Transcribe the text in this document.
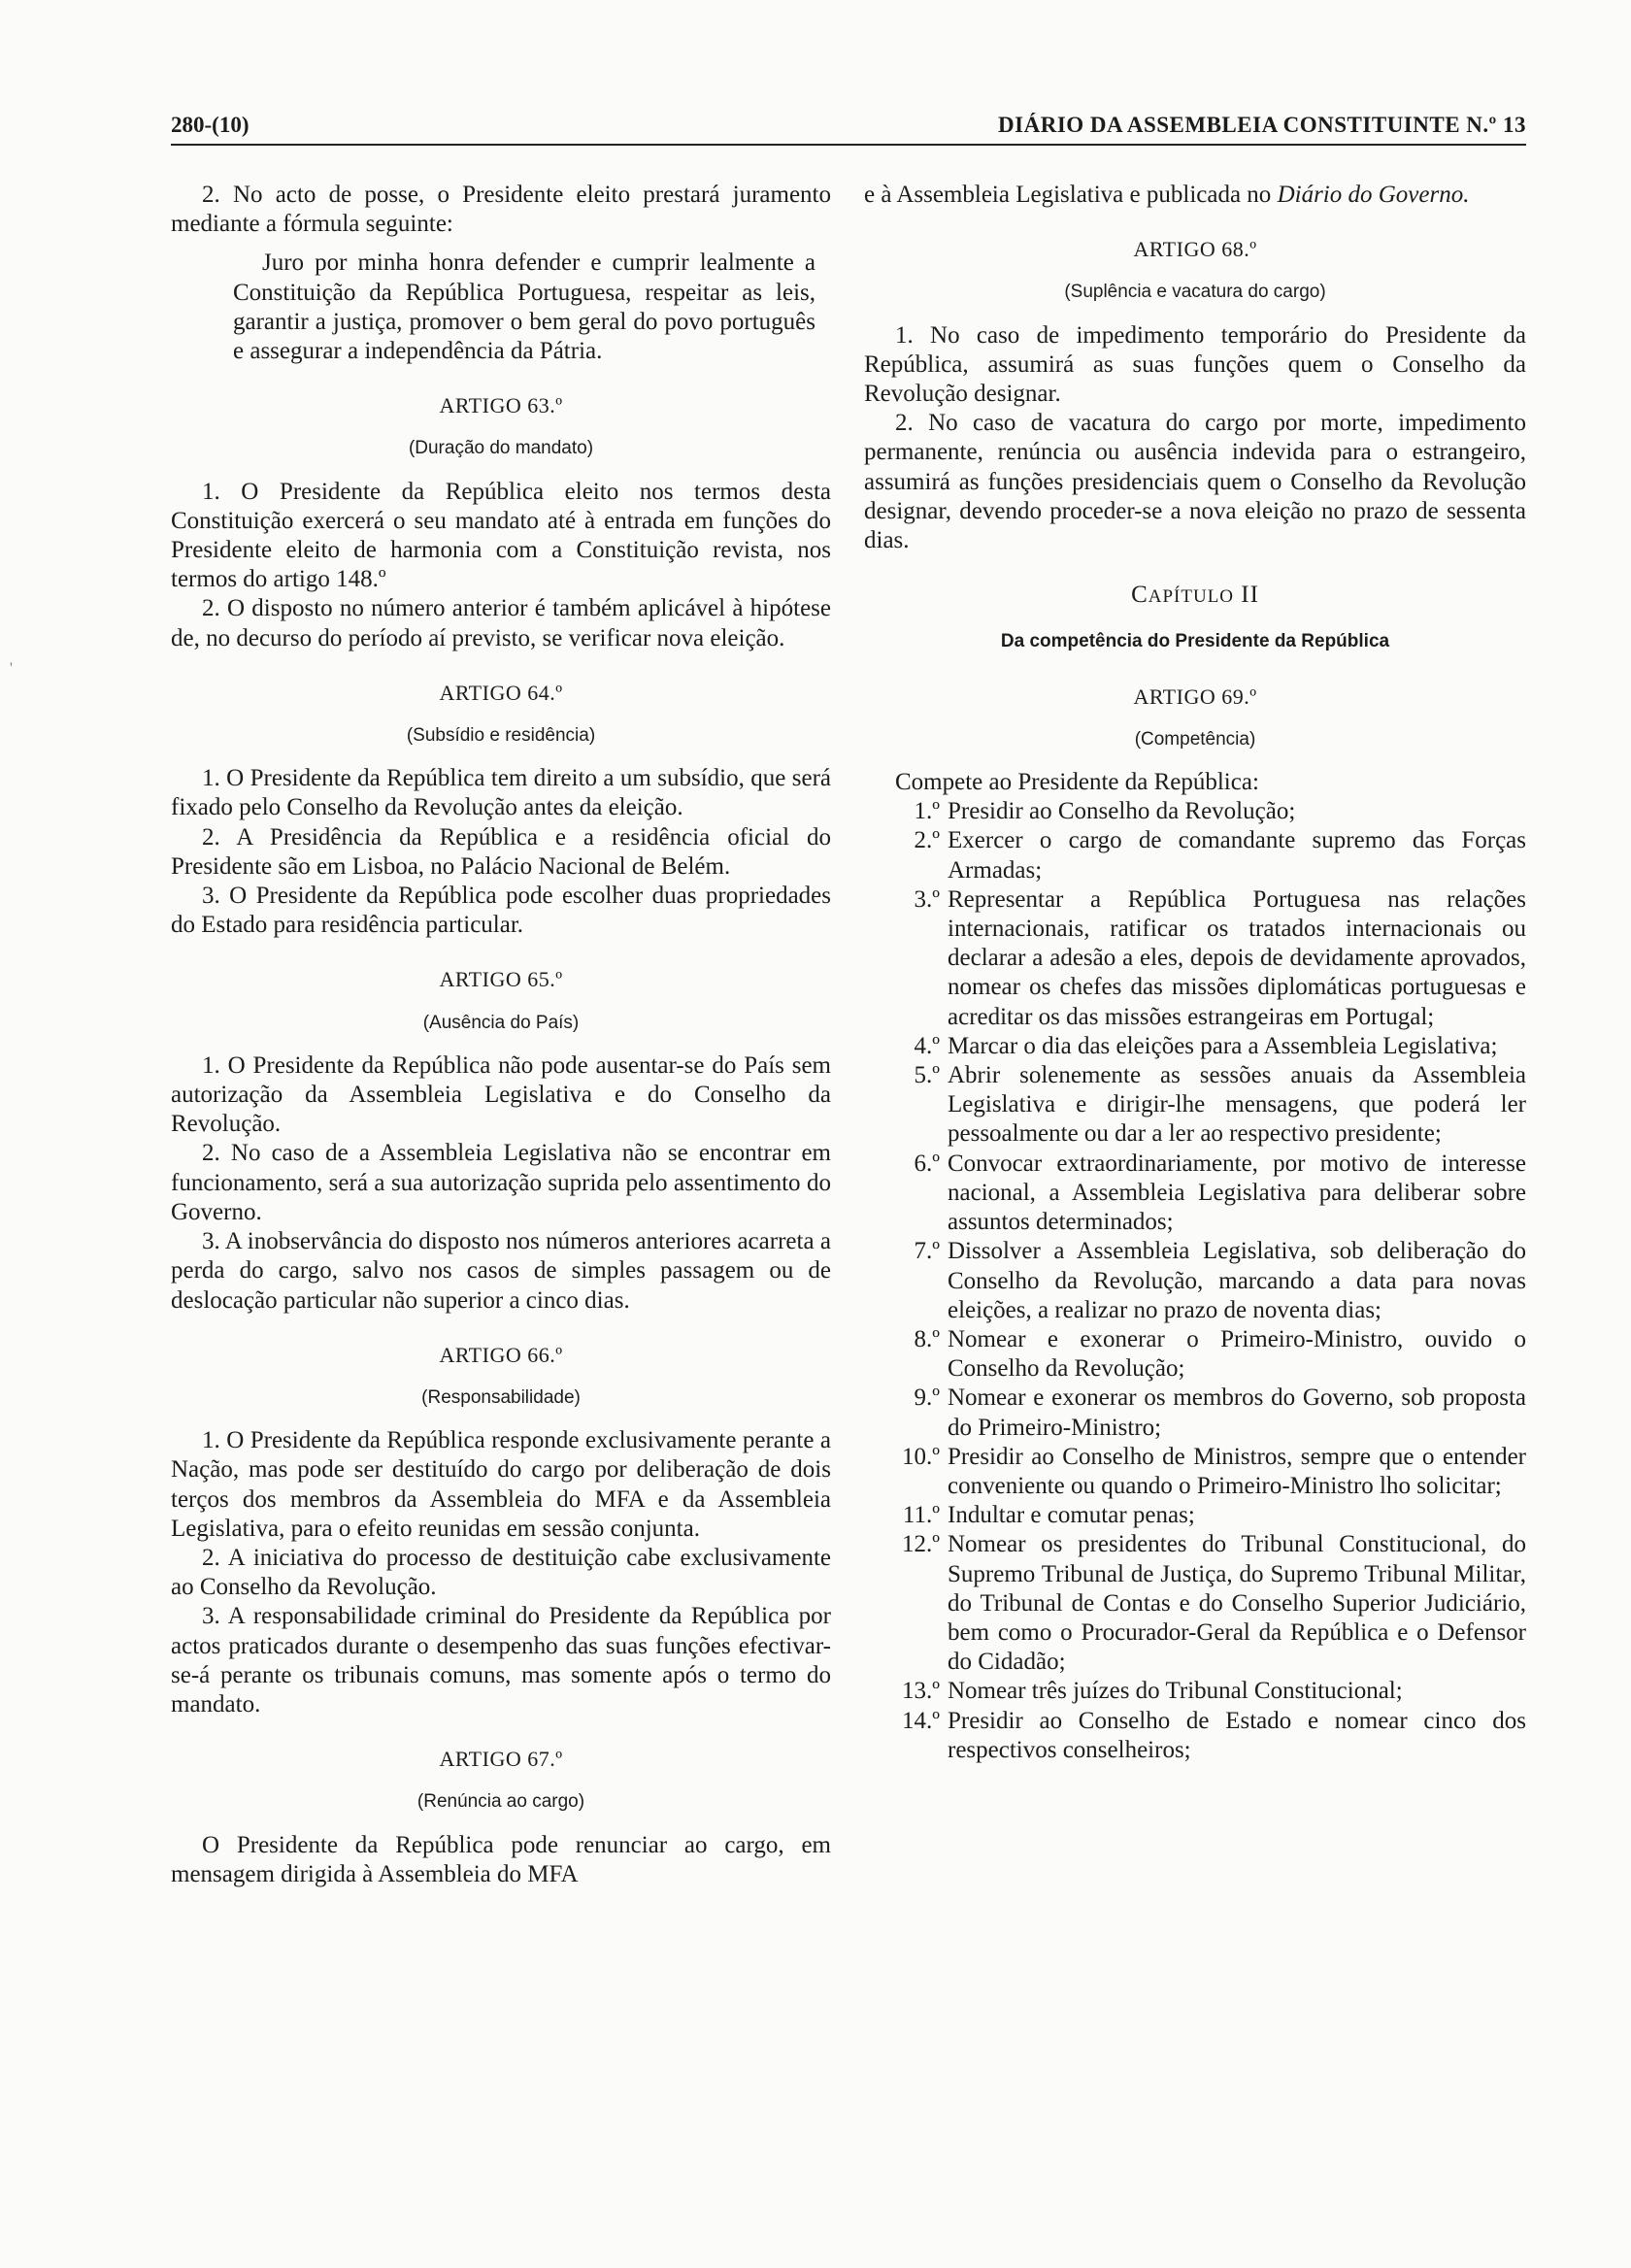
280-(10)	DIÁRIO DA ASSEMBLEIA CONSTITUINTE N.º 13

2. No acto de posse, o Presidente eleito prestará juramento mediante a fórmula seguinte:

Juro por minha honra defender e cumprir lealmente a Constituição da República Portuguesa, respeitar as leis, garantir a justiça, promover o bem geral do povo português e assegurar a independência da Pátria.

ARTIGO 63.º
(Duração do mandato)

1. O Presidente da República eleito nos termos desta Constituição exercerá o seu mandato até à entrada em funções do Presidente eleito de harmonia com a Constituição revista, nos termos do artigo 148.º

2. O disposto no número anterior é também aplicável à hipótese de, no decurso do período aí previsto, se verificar nova eleição.

ARTIGO 64.º
(Subsídio e residência)

1. O Presidente da República tem direito a um subsídio, que será fixado pelo Conselho da Revolução antes da eleição.

2. A Presidência da República e a residência oficial do Presidente são em Lisboa, no Palácio Nacional de Belém.

3. O Presidente da República pode escolher duas propriedades do Estado para residência particular.

ARTIGO 65.º
(Ausência do País)

1. O Presidente da República não pode ausentar-se do País sem autorização da Assembleia Legislativa e do Conselho da Revolução.

2. No caso de a Assembleia Legislativa não se encontrar em funcionamento, será a sua autorização suprida pelo assentimento do Governo.

3. A inobservância do disposto nos números anteriores acarreta a perda do cargo, salvo nos casos de simples passagem ou de deslocação particular não superior a cinco dias.

ARTIGO 66.º
(Responsabilidade)

1. O Presidente da República responde exclusivamente perante a Nação, mas pode ser destituído do cargo por deliberação de dois terços dos membros da Assembleia do MFA e da Assembleia Legislativa, para o efeito reunidas em sessão conjunta.

2. A iniciativa do processo de destituição cabe exclusivamente ao Conselho da Revolução.

3. A responsabilidade criminal do Presidente da República por actos praticados durante o desempenho das suas funções efectivar-se-á perante os tribunais comuns, mas somente após o termo do mandato.

ARTIGO 67.º
(Renúncia ao cargo)

O Presidente da República pode renunciar ao cargo, em mensagem dirigida à Assembleia do MFA

e à Assembleia Legislativa e publicada no Diário do Governo.

ARTIGO 68.º
(Suplência e vacatura do cargo)

1. No caso de impedimento temporário do Presidente da República, assumirá as suas funções quem o Conselho da Revolução designar.

2. No caso de vacatura do cargo por morte, impedimento permanente, renúncia ou ausência indevida para o estrangeiro, assumirá as funções presidenciais quem o Conselho da Revolução designar, devendo proceder-se a nova eleição no prazo de sessenta dias.

CAPÍTULO II
Da competência do Presidente da República
ARTIGO 69.º
(Competência)

Compete ao Presidente da República:

1.º Presidir ao Conselho da Revolução;
2.º Exercer o cargo de comandante supremo das Forças Armadas;
3.º Representar a República Portuguesa nas relações internacionais, ratificar os tratados internacionais ou declarar a adesão a eles, depois de devidamente aprovados, nomear os chefes das missões diplomáticas portuguesas e acreditar os das missões estrangeiras em Portugal;
4.º Marcar o dia das eleições para a Assembleia Legislativa;
5.º Abrir solenemente as sessões anuais da Assembleia Legislativa e dirigir-lhe mensagens, que poderá ler pessoalmente ou dar a ler ao respectivo presidente;
6.º Convocar extraordinariamente, por motivo de interesse nacional, a Assembleia Legislativa para deliberar sobre assuntos determinados;
7.º Dissolver a Assembleia Legislativa, sob deliberação do Conselho da Revolução, marcando a data para novas eleições, a realizar no prazo de noventa dias;
8.º Nomear e exonerar o Primeiro-Ministro, ouvido o Conselho da Revolução;
9.º Nomear e exonerar os membros do Governo, sob proposta do Primeiro-Ministro;
10.º Presidir ao Conselho de Ministros, sempre que o entender conveniente ou quando o Primeiro-Ministro lho solicitar;
11.º Indultar e comutar penas;
12.º Nomear os presidentes do Tribunal Constitucional, do Supremo Tribunal de Justiça, do Supremo Tribunal Militar, do Tribunal de Contas e do Conselho Superior Judiciário, bem como o Procurador-Geral da República e o Defensor do Cidadão;
13.º Nomear três juízes do Tribunal Constitucional;
14.º Presidir ao Conselho de Estado e nomear cinco dos respectivos conselheiros;
'
